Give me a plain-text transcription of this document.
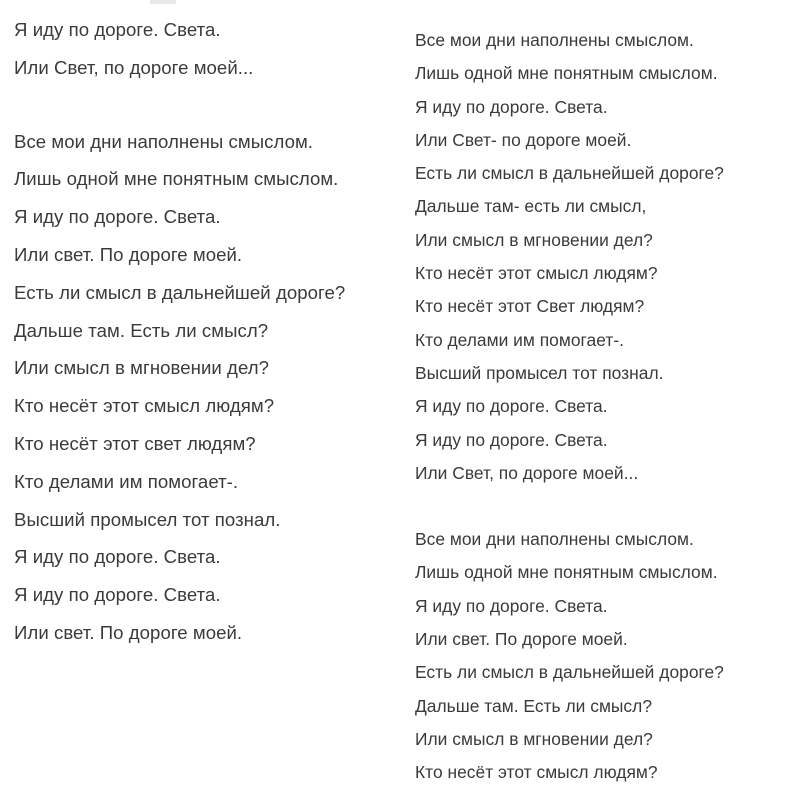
Я иду по дороге. Света.
Или Свет, по дороге моей...
Все мои дни наполнены смыслом.
Лишь одной мне понятным смыслом.
Я иду по дороге. Света.
Или свет. По дороге моей.
Есть ли смысл в дальнейшей дороге?
Дальше там. Есть ли смысл?
Или смысл в мгновении дел?
Кто несёт этот смысл людям?
Кто несёт этот свет людям?
Кто делами им помогает-.
Высший промысел тот познал.
Я иду по дороге. Света.
Я иду по дороге. Света.
Или свет. По дороге моей.
Все мои дни наполнены смыслом.
Лишь одной мне понятным смыслом.
Я иду по дороге. Света.
Или Свет- по дороге моей.
Есть ли смысл в дальнейшей дороге?
Дальше там- есть ли смысл,
Или смысл в мгновении дел?
Кто несёт этот смысл людям?
Кто несёт этот Свет людям?
Кто делами им помогает-.
Высший промысел тот познал.
Я иду по дороге. Света.
Я иду по дороге. Света.
Или Свет, по дороге моей...
Все мои дни наполнены смыслом.
Лишь одной мне понятным смыслом.
Я иду по дороге. Света.
Или свет. По дороге моей.
Есть ли смысл в дальнейшей дороге?
Дальше там. Есть ли смысл?
Или смысл в мгновении дел?
Кто несёт этот смысл людям?
